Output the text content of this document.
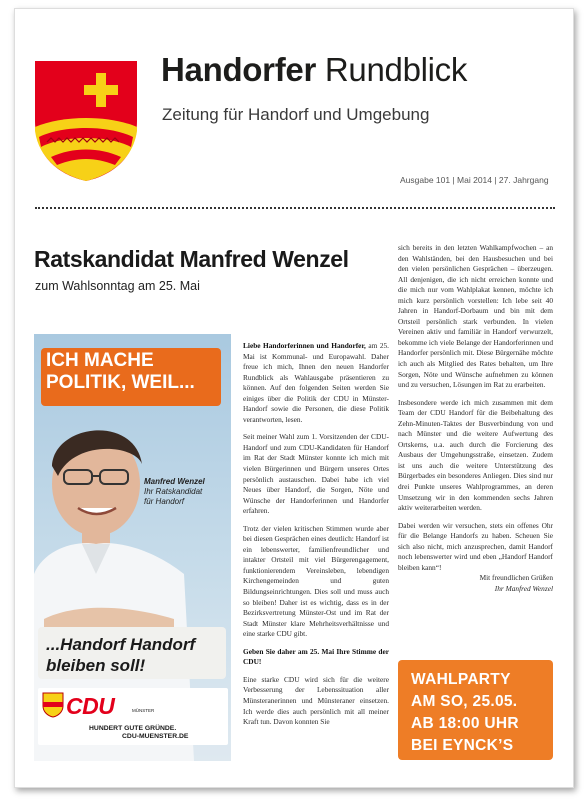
Handorfer Rundblick
Zeitung für Handorf und Umgebung
Ausgabe 101 | Mai 2014 | 27. Jahrgang
Ratskandidat Manfred Wenzel
zum Wahlsonntag am 25. Mai
ICH MACHE
POLITIK, WEIL...
Manfred Wenzel
Ihr Ratskandidat
für Handorf
...Handorf Handorf
bleiben soll!
CDU	MÜNSTER
HUNDERT GUTE GRÜNDE.
CDU-MUENSTER.DE

Liebe Handorferinnen und Handorfer, am 25. Mai ist Kommunal- und Europawahl. Daher freue ich mich, Ihnen den neuen Handorfer Rundblick als Wahlausgabe präsentieren zu können. Auf den folgenden Seiten werden Sie einiges über die Politik der CDU in Münster-Handorf sowie die Personen, die diese Politik verantworten, lesen.

Seit meiner Wahl zum 1. Vorsitzenden der CDU-Handorf und zum CDU-Kandidaten für Handorf im Rat der Stadt Münster konnte ich mich mit vielen Bürgerinnen und Bürgern unseres Ortes persönlich austauschen. Dabei habe ich viel Neues über Handorf, die Sorgen, Nöte und Wünsche der Handorferinnen und Handorfer erfahren.

Trotz der vielen kritischen Stimmen wurde aber bei diesen Gesprächen eines deutlich: Handorf ist ein lebenswerter, familienfreundlicher und intakter Ortsteil mit viel Bürgerengagement, funktionierendem Vereinsleben, lebendigen Kirchengemeinden und guten Bildungseinrichtungen. Dies soll und muss auch so bleiben! Daher ist es wichtig, dass es in der Bezirksvertretung Münster-Ost und im Rat der Stadt Münster klare Mehrheitsverhältnisse und eine starke CDU gibt.

Geben Sie daher am 25. Mai Ihre Stimme der CDU!

Eine starke CDU wird sich für die weitere Verbesserung der Lebenssituation aller Münsteranerinnen und Münsteraner einsetzen. Ich werde dies auch persönlich mit all meiner Kraft tun. Davon konnten Sie

sich bereits in den letzten Wahlkampfwochen – an den Wahlständen, bei den Hausbesuchen und bei den vielen persönlichen Gesprächen – überzeugen. All denjenigen, die ich nicht erreichen konnte und die mich nur vom Wahlplakat kennen, möchte ich mich kurz persönlich vorstellen: Ich lebe seit 40 Jahren in Handorf-Dorbaum und bin mit dem Ortsteil persönlich stark verbunden. In vielen Vereinen aktiv und familiär in Handorf verwurzelt, bekomme ich viele Belange der Handorferinnen und Handorfer persönlich mit. Diese Bürgernähe möchte ich auch als Mitglied des Rates behalten, um Ihre Sorgen, Nöte und Wünsche aufnehmen zu können und zu versuchen, Lösungen im Rat zu erarbeiten.

Insbesondere werde ich mich zusammen mit dem Team der CDU Handorf für die Beibehaltung des Zehn-Minuten-Taktes der Busverbindung von und nach Münster und die weitere Aufwertung des Ortskerns, u.a. auch durch die Forcierung des Ausbaus der Umgehungsstraße, einsetzen. Zudem ist uns auch die weitere Unterstützung des Bürgerbades ein besonderes Anliegen. Dies sind nur drei Punkte unseres Wahlprogrammes, an deren Umsetzung wir in den kommenden sechs Jahren aktiv weiterarbeiten werden.

Dabei werden wir versuchen, stets ein offenes Ohr für die Belange Handorfs zu haben. Scheuen Sie sich also nicht, mich anzusprechen, damit Handorf noch lebenswerter wird und eben „Handorf Handorf bleiben kann“!

Mit freundlichen Grüßen
Ihr Manfred Wenzel
WAHLPARTY
AM SO, 25.05.
AB 18:00 UHR
BEI EYNCK’S
